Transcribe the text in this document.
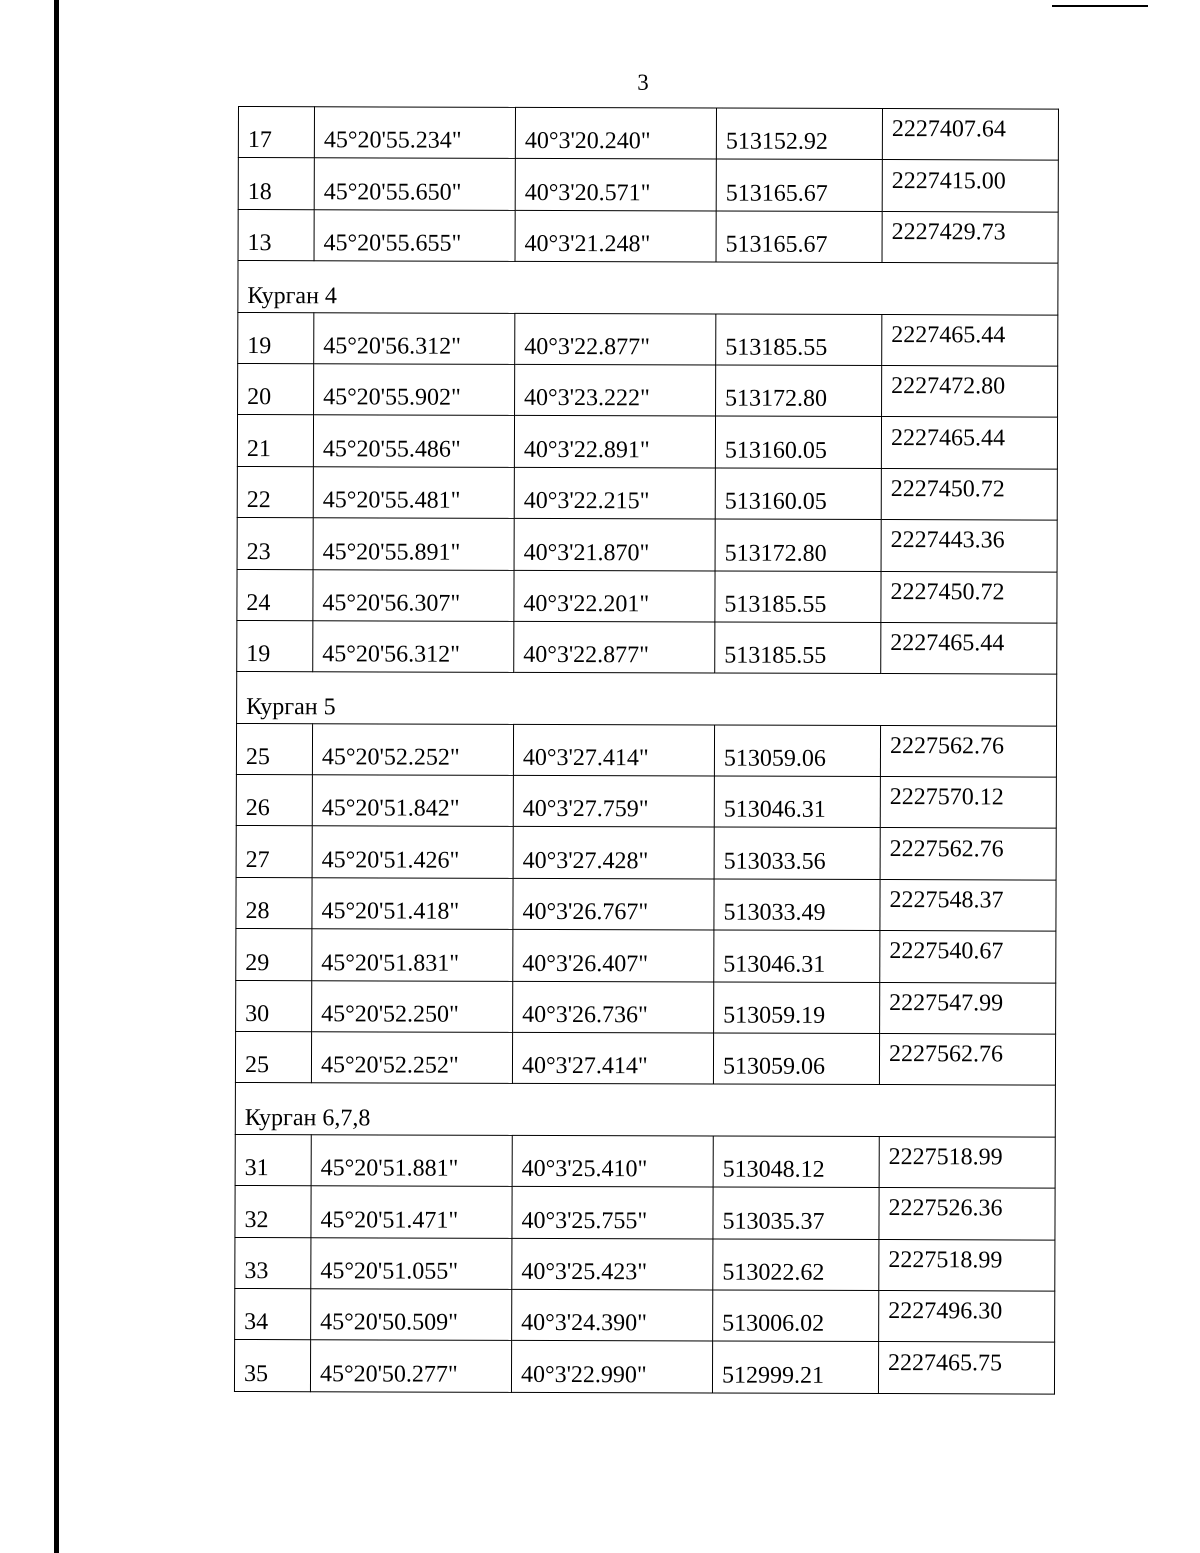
3
17	45°20'55.234"	40°3'20.240"	513152.92	2227407.64
18	45°20'55.650"	40°3'20.571"	513165.67	2227415.00
13	45°20'55.655"	40°3'21.248"	513165.67	2227429.73
Курган 4				
19	45°20'56.312"	40°3'22.877"	513185.55	2227465.44
20	45°20'55.902"	40°3'23.222"	513172.80	2227472.80
21	45°20'55.486"	40°3'22.891"	513160.05	2227465.44
22	45°20'55.481"	40°3'22.215"	513160.05	2227450.72
23	45°20'55.891"	40°3'21.870"	513172.80	2227443.36
24	45°20'56.307"	40°3'22.201"	513185.55	2227450.72
19	45°20'56.312"	40°3'22.877"	513185.55	2227465.44
Курган 5				
25	45°20'52.252"	40°3'27.414"	513059.06	2227562.76
26	45°20'51.842"	40°3'27.759"	513046.31	2227570.12
27	45°20'51.426"	40°3'27.428"	513033.56	2227562.76
28	45°20'51.418"	40°3'26.767"	513033.49	2227548.37
29	45°20'51.831"	40°3'26.407"	513046.31	2227540.67
30	45°20'52.250"	40°3'26.736"	513059.19	2227547.99
25	45°20'52.252"	40°3'27.414"	513059.06	2227562.76
Курган 6,7,8				
31	45°20'51.881"	40°3'25.410"	513048.12	2227518.99
32	45°20'51.471"	40°3'25.755"	513035.37	2227526.36
33	45°20'51.055"	40°3'25.423"	513022.62	2227518.99
34	45°20'50.509"	40°3'24.390"	513006.02	2227496.30
35	45°20'50.277"	40°3'22.990"	512999.21	2227465.75
